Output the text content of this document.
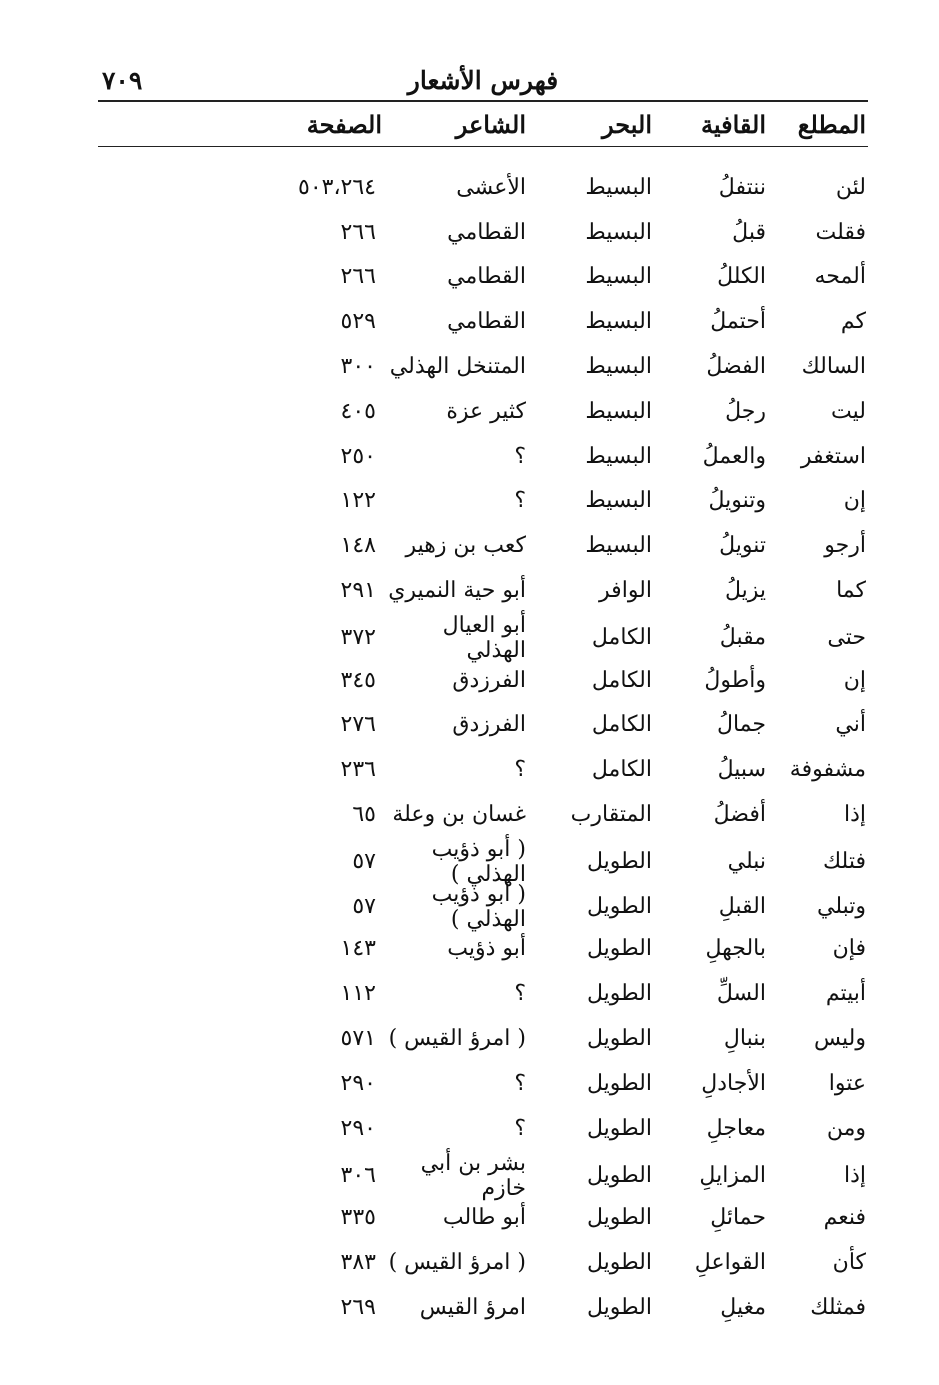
فهرس الأشعار
٧٠٩
المطلع
القافية
البحر
الشاعر
الصفحة
لئن
ننتفلُ
البسيط
الأعشى
٥٠٣،٢٦٤
فقلت
قبلُ
البسيط
القطامي
٢٦٦
ألمحه
الكللُ
البسيط
القطامي
٢٦٦
كم
أحتملُ
البسيط
القطامي
٥٢٩
السالك
الفضلُ
البسيط
المتنخل الهذلي
٣٠٠
ليت
رجلُ
البسيط
كثير عزة
٤٠٥
استغفر
والعملُ
البسيط
؟
٢٥٠
إن
وتنويلُ
البسيط
؟
١٢٢
أرجو
تنويلُ
البسيط
كعب بن زهير
١٤٨
كما
يزيلُ
الوافر
أبو حية النميري
٢٩١
حتى
مقبلُ
الكامل
أبو العيال الهذلي
٣٧٢
إن
وأطولُ
الكامل
الفرزدق
٣٤٥
أني
جمالُ
الكامل
الفرزدق
٢٧٦
مشفوفة
سبيلُ
الكامل
؟
٢٣٦
إذا
أفضلُ
المتقارب
غسان بن وعلة
٦٥
فتلك
نبلي
الطويل
( أبو ذؤيب الهذلي )
٥٧
وتبلي
القبلِ
الطويل
( أبو ذؤيب الهذلي )
٥٧
فإن
بالجهلِ
الطويل
أبو ذؤيب
١٤٣
أبيتم
السلِّ
الطويل
؟
١١٢
وليس
بنبالِ
الطويل
( امرؤ القيس )
٥٧١
عتوا
الأجادلِ
الطويل
؟
٢٩٠
ومن
معاجلِ
الطويل
؟
٢٩٠
إذا
المزايلِ
الطويل
بشر بن أبي خازم
٣٠٦
فنعم
حمائلِ
الطويل
أبو طالب
٣٣٥
كأن
القواعلِ
الطويل
( امرؤ القيس )
٣٨٣
فمثلك
مغيلِ
الطويل
امرؤ القيس
٢٦٩
